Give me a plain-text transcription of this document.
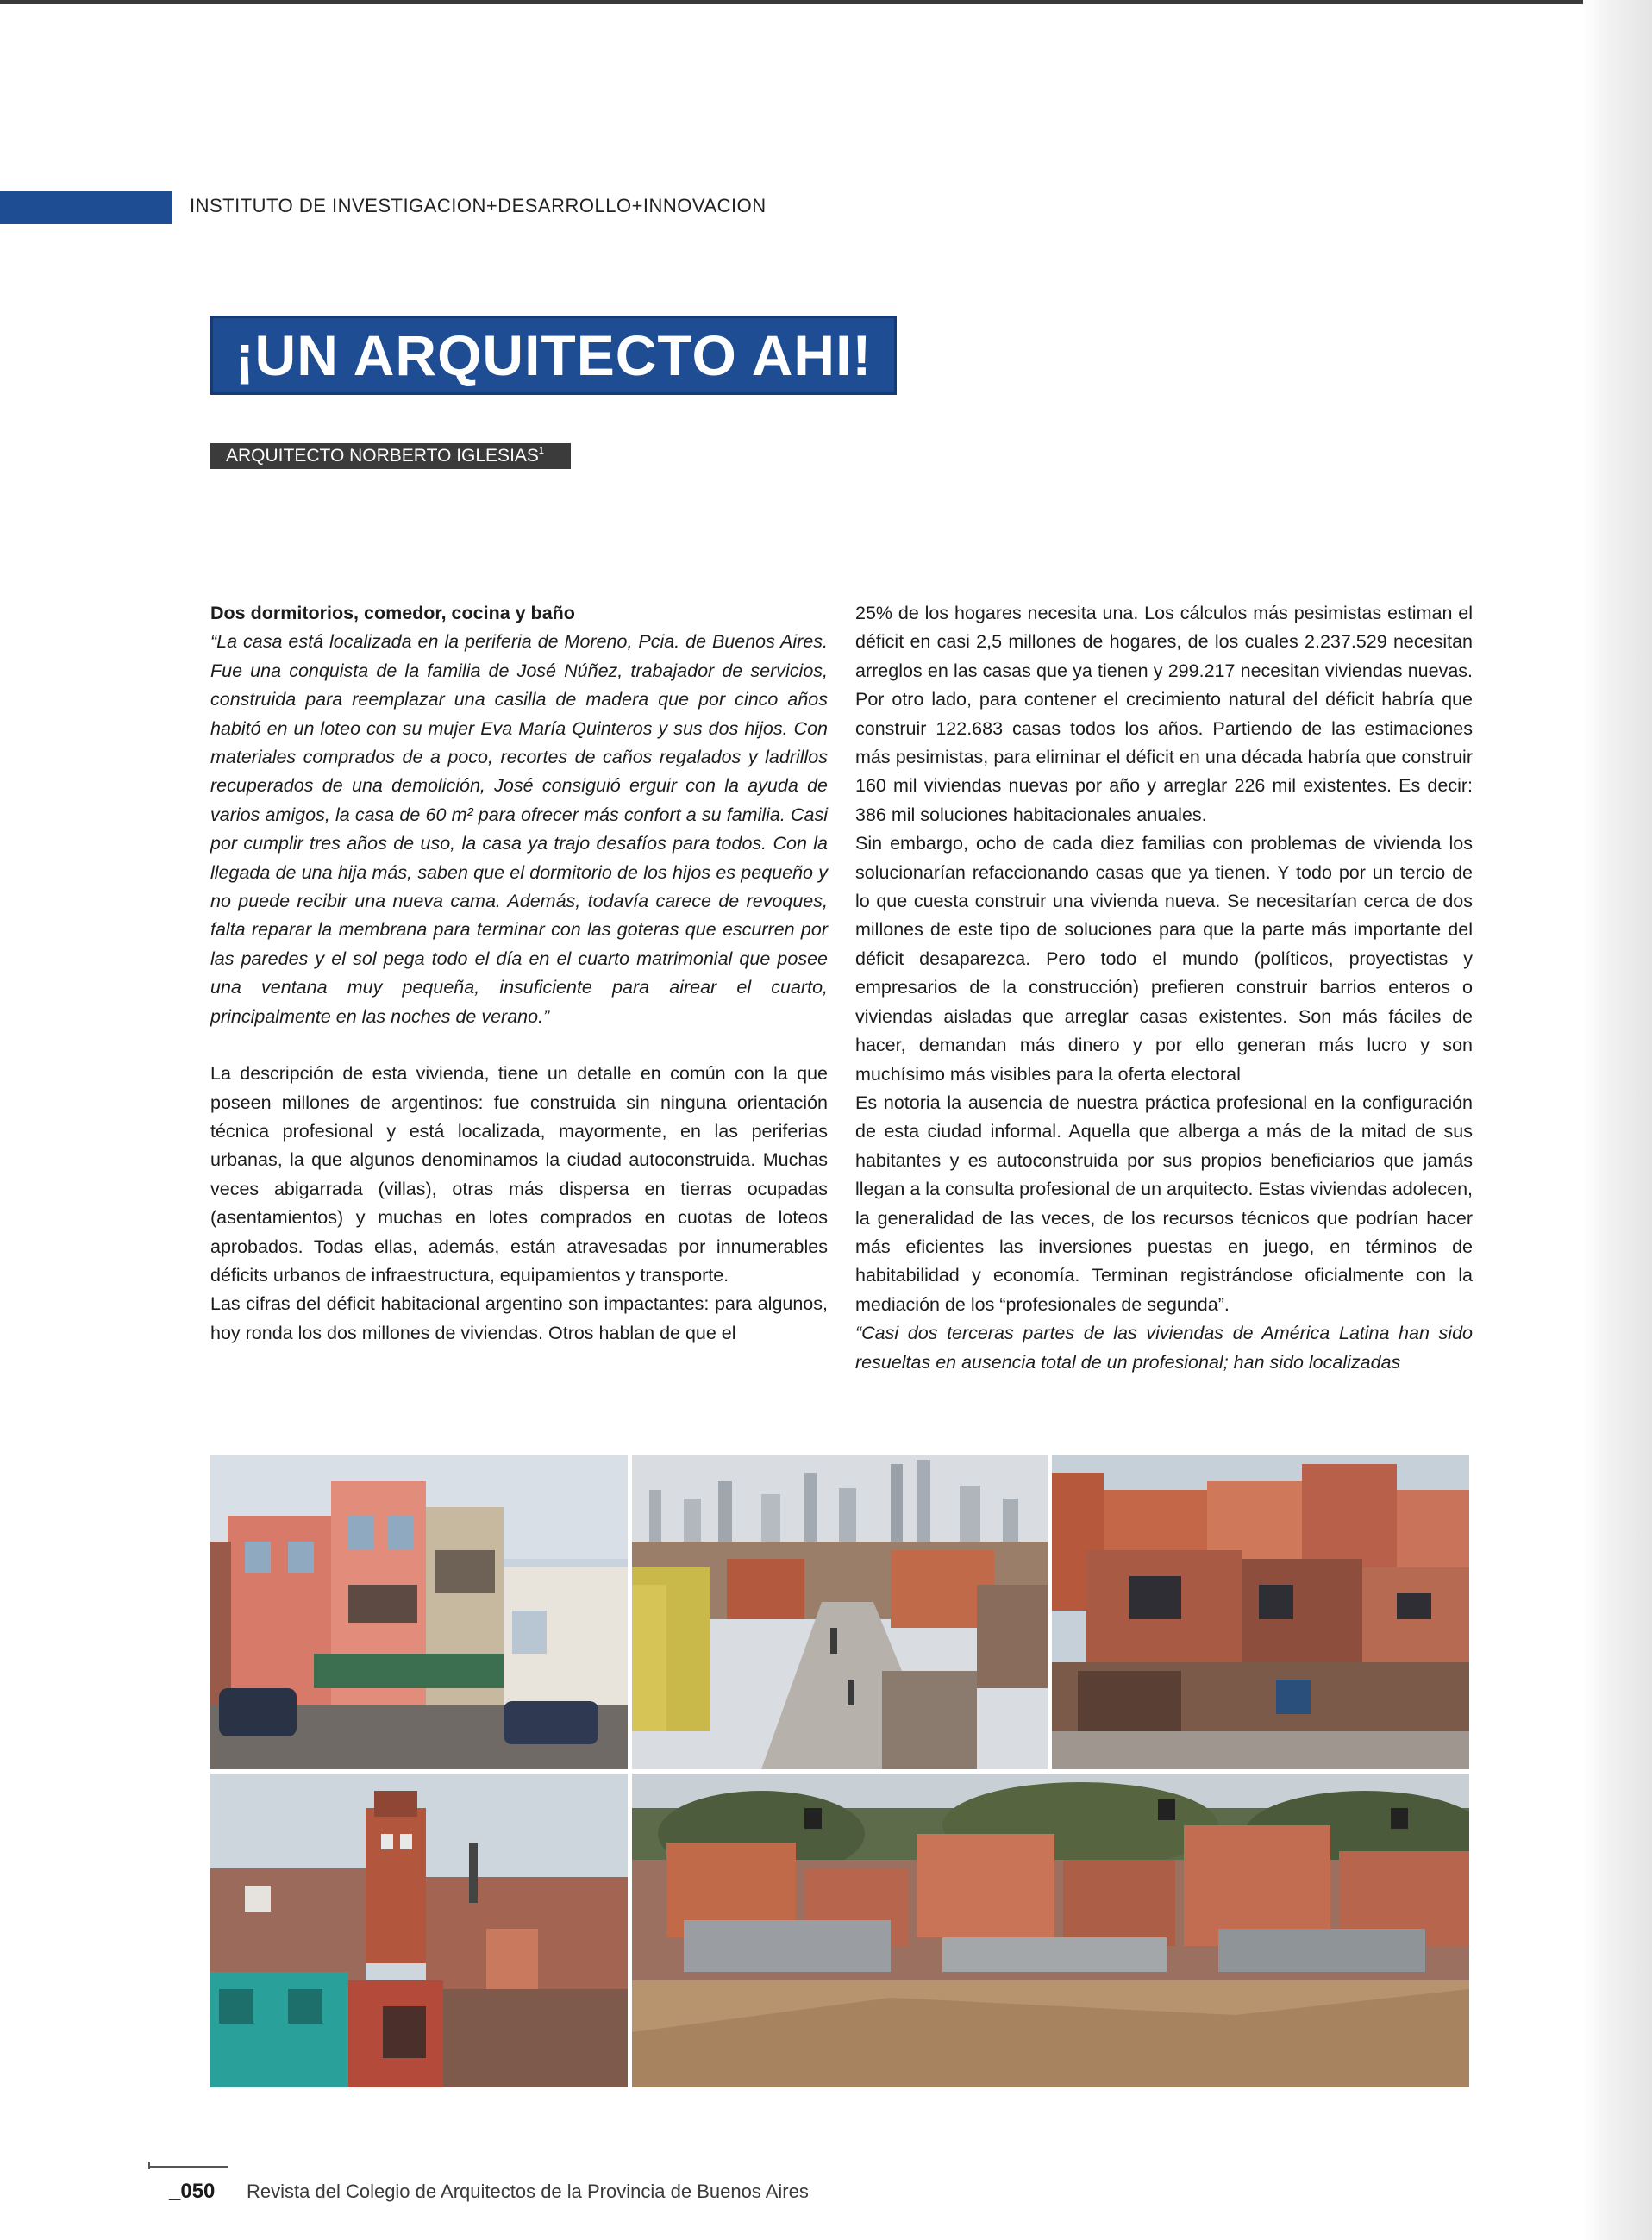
INSTITUTO DE INVESTIGACION+DESARROLLO+INNOVACION
¡UN ARQUITECTO AHI!
ARQUITECTO NORBERTO IGLESIAS$^1$

Dos dormitorios, comedor, cocina y baño

“La casa está localizada en la periferia de Moreno, Pcia. de Buenos Aires. Fue una conquista de la familia de José Núñez, trabajador de servicios, construida para reemplazar una casilla de madera que por cinco años habitó en un loteo con su mujer Eva María Quinteros y sus dos hijos. Con materiales comprados de a poco, recortes de caños regalados y ladrillos recuperados de una demolición, José consiguió erguir con la ayuda de varios amigos, la casa de 60 m² para ofrecer más confort a su familia. Casi por cumplir tres años de uso, la casa ya trajo desafíos para todos. Con la llegada de una hija más, saben que el dormitorio de los hijos es pequeño y no puede recibir una nueva cama. Además, todavía carece de revoques, falta reparar la membrana para terminar con las goteras que escurren por las paredes y el sol pega todo el día en el cuarto matrimonial que posee una ventana muy pequeña, insuficiente para airear el cuarto, principalmente en las noches de verano.”

La descripción de esta vivienda, tiene un detalle en común con la que poseen millones de argentinos: fue construida sin ninguna orientación técnica profesional y está localizada, mayormente, en las periferias urbanas, la que algunos denominamos la ciudad autoconstruida. Muchas veces abigarrada (villas), otras más dispersa en tierras ocupadas (asentamientos) y muchas en lotes comprados en cuotas de loteos aprobados. Todas ellas, además, están atravesadas por innumerables déficits urbanos de infraestructura, equipamientos y transporte.

Las cifras del déficit habitacional argentino son impactantes: para algunos, hoy ronda los dos millones de viviendas. Otros hablan de que el

25% de los hogares necesita una. Los cálculos más pesimistas estiman el déficit en casi 2,5 millones de hogares, de los cuales 2.237.529 necesitan arreglos en las casas que ya tienen y 299.217 necesitan viviendas nuevas. Por otro lado, para contener el crecimiento natural del déficit habría que construir 122.683 casas todos los años. Partiendo de las estimaciones más pesimistas, para eliminar el déficit en una década habría que construir 160 mil viviendas nuevas por año y arreglar 226 mil existentes. Es decir: 386 mil soluciones habitacionales anuales.

Sin embargo, ocho de cada diez familias con problemas de vivienda los solucionarían refaccionando casas que ya tienen. Y todo por un tercio de lo que cuesta construir una vivienda nueva. Se necesitarían cerca de dos millones de este tipo de soluciones para que la parte más importante del déficit desaparezca. Pero todo el mundo (políticos, proyectistas y empresarios de la construcción) prefieren construir barrios enteros o viviendas aisladas que arreglar casas existentes. Son más fáciles de hacer, demandan más dinero y por ello generan más lucro y son muchísimo más visibles para la oferta electoral

Es notoria la ausencia de nuestra práctica profesional en la configuración de esta ciudad informal. Aquella que alberga a más de la mitad de sus habitantes y es autoconstruida por sus propios beneficiarios que jamás llegan a la consulta profesional de un arquitecto. Estas viviendas adolecen, la generalidad de las veces, de los recursos técnicos que podrían hacer más eficientes las inversiones puestas en juego, en términos de habitabilidad y economía. Terminan registrándose oficialmente con la mediación de los “profesionales de segunda”.

“Casi dos terceras partes de las viviendas de América Latina han sido resueltas en ausencia total de un profesional; han sido localizadas

_050 Revista del Colegio de Arquitectos de la Provincia de Buenos Aires
